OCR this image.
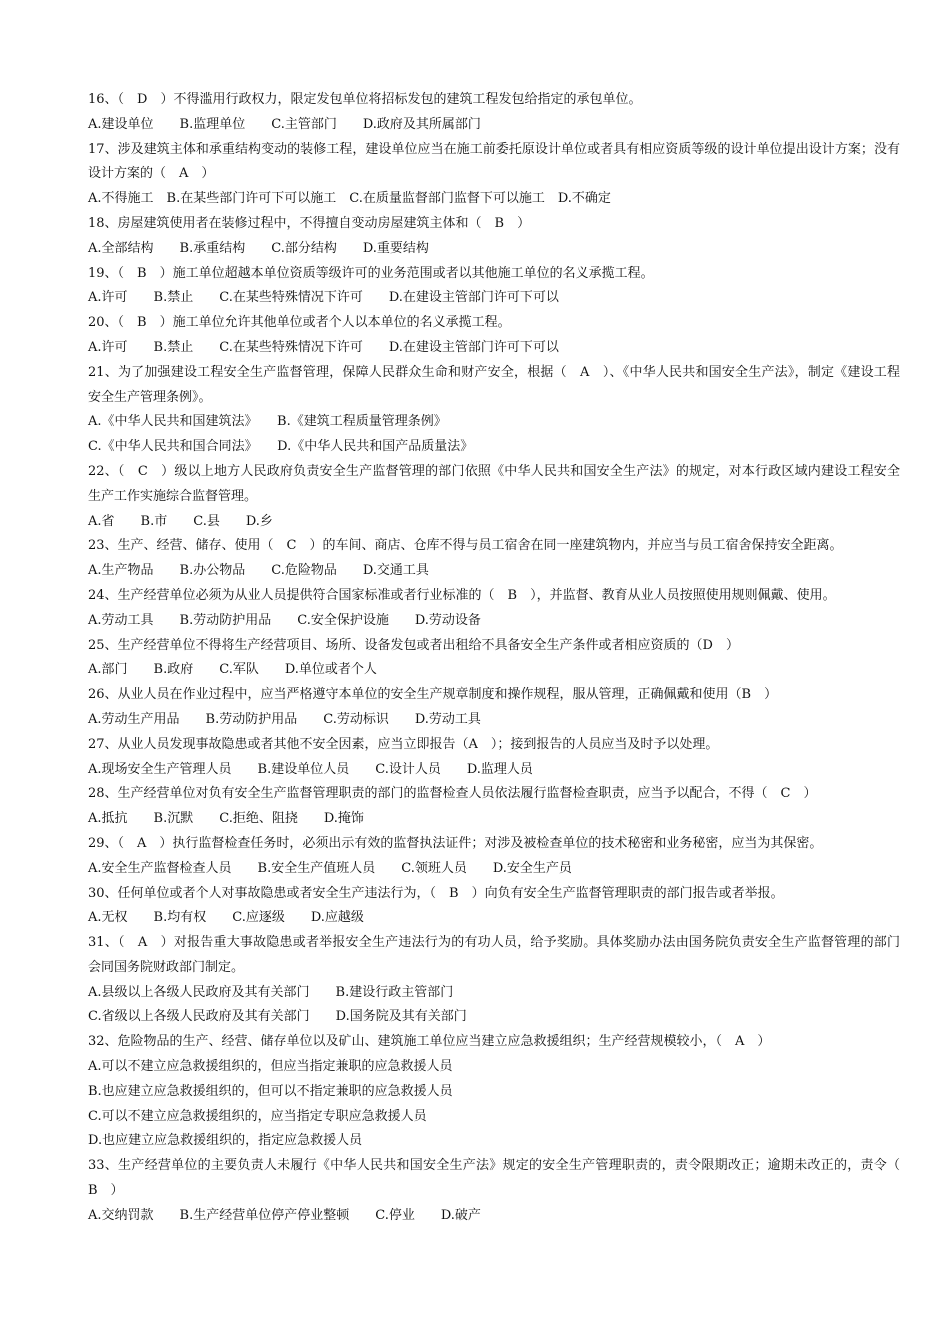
16、（　D　）不得滥用行政权力，限定发包单位将招标发包的建筑工程发包给指定的承包单位。

A.建设单位　　B.监理单位　　C.主管部门　　D.政府及其所属部门

17、涉及建筑主体和承重结构变动的装修工程，建设单位应当在施工前委托原设计单位或者具有相应资质等级的设计单位提出设计方案；没有设计方案的（　A　）

A.不得施工　B.在某些部门许可下可以施工　C.在质量监督部门监督下可以施工　D.不确定

18、房屋建筑使用者在装修过程中，不得擅自变动房屋建筑主体和（　B　）

A.全部结构　　B.承重结构　　C.部分结构　　D.重要结构

19、（　B　）施工单位超越本单位资质等级许可的业务范围或者以其他施工单位的名义承揽工程。

A.许可　　B.禁止　　C.在某些特殊情况下许可　　D.在建设主管部门许可下可以

20、（　B　）施工单位允许其他单位或者个人以本单位的名义承揽工程。

A.许可　　B.禁止　　C.在某些特殊情况下许可　　D.在建设主管部门许可下可以

21、为了加强建设工程安全生产监督管理，保障人民群众生命和财产安全，根据（　A　）、《中华人民共和国安全生产法》，制定《建设工程安全生产管理条例》。

A.《中华人民共和国建筑法》　　B.《建筑工程质量管理条例》

C.《中华人民共和国合同法》　　D.《中华人民共和国产品质量法》

22、（　C　）级以上地方人民政府负责安全生产监督管理的部门依照《中华人民共和国安全生产法》的规定，对本行政区域内建设工程安全生产工作实施综合监督管理。

A.省　　B.市　　C.县　　D.乡

23、生产、经营、储存、使用（　C　）的车间、商店、仓库不得与员工宿舍在同一座建筑物内，并应当与员工宿舍保持安全距离。

A.生产物品　　B.办公物品　　C.危险物品　　D.交通工具

24、生产经营单位必须为从业人员提供符合国家标准或者行业标准的（　B　），并监督、教育从业人员按照使用规则佩戴、使用。

A.劳动工具　　B.劳动防护用品　　C.安全保护设施　　D.劳动设备

25、生产经营单位不得将生产经营项目、场所、设备发包或者出租给不具备安全生产条件或者相应资质的（D　）

A.部门　　B.政府　　C.军队　　D.单位或者个人

26、从业人员在作业过程中，应当严格遵守本单位的安全生产规章制度和操作规程，服从管理，正确佩戴和使用（B　）

A.劳动生产用品　　B.劳动防护用品　　C.劳动标识　　D.劳动工具

27、从业人员发现事故隐患或者其他不安全因素，应当立即报告（A　）；接到报告的人员应当及时予以处理。

A.现场安全生产管理人员　　B.建设单位人员　　C.设计人员　　D.监理人员

28、生产经营单位对负有安全生产监督管理职责的部门的监督检查人员依法履行监督检查职责，应当予以配合，不得（　C　）

A.抵抗　　B.沉默　　C.拒绝、阻挠　　D.掩饰

29、（　A　）执行监督检查任务时，必须出示有效的监督执法证件；对涉及被检查单位的技术秘密和业务秘密，应当为其保密。

A.安全生产监督检查人员　　B.安全生产值班人员　　C.领班人员　　D.安全生产员

30、任何单位或者个人对事故隐患或者安全生产违法行为，（　B　）向负有安全生产监督管理职责的部门报告或者举报。

A.无权　　B.均有权　　C.应逐级　　D.应越级

31、（　A　）对报告重大事故隐患或者举报安全生产违法行为的有功人员，给予奖励。具体奖励办法由国务院负责安全生产监督管理的部门会同国务院财政部门制定。

A.县级以上各级人民政府及其有关部门　　B.建设行政主管部门

C.省级以上各级人民政府及其有关部门　　D.国务院及其有关部门

32、危险物品的生产、经营、储存单位以及矿山、建筑施工单位应当建立应急救援组织；生产经营规模较小，（　A　）

A.可以不建立应急救援组织的，但应当指定兼职的应急救援人员

B.也应建立应急救援组织的，但可以不指定兼职的应急救援人员

C.可以不建立应急救援组织的，应当指定专职应急救援人员

D.也应建立应急救援组织的，指定应急救援人员

33、生产经营单位的主要负责人未履行《中华人民共和国安全生产法》规定的安全生产管理职责的，责令限期改正；逾期未改正的，责令（　B　）

A.交纳罚款　　B.生产经营单位停产停业整顿　　C.停业　　D.破产
